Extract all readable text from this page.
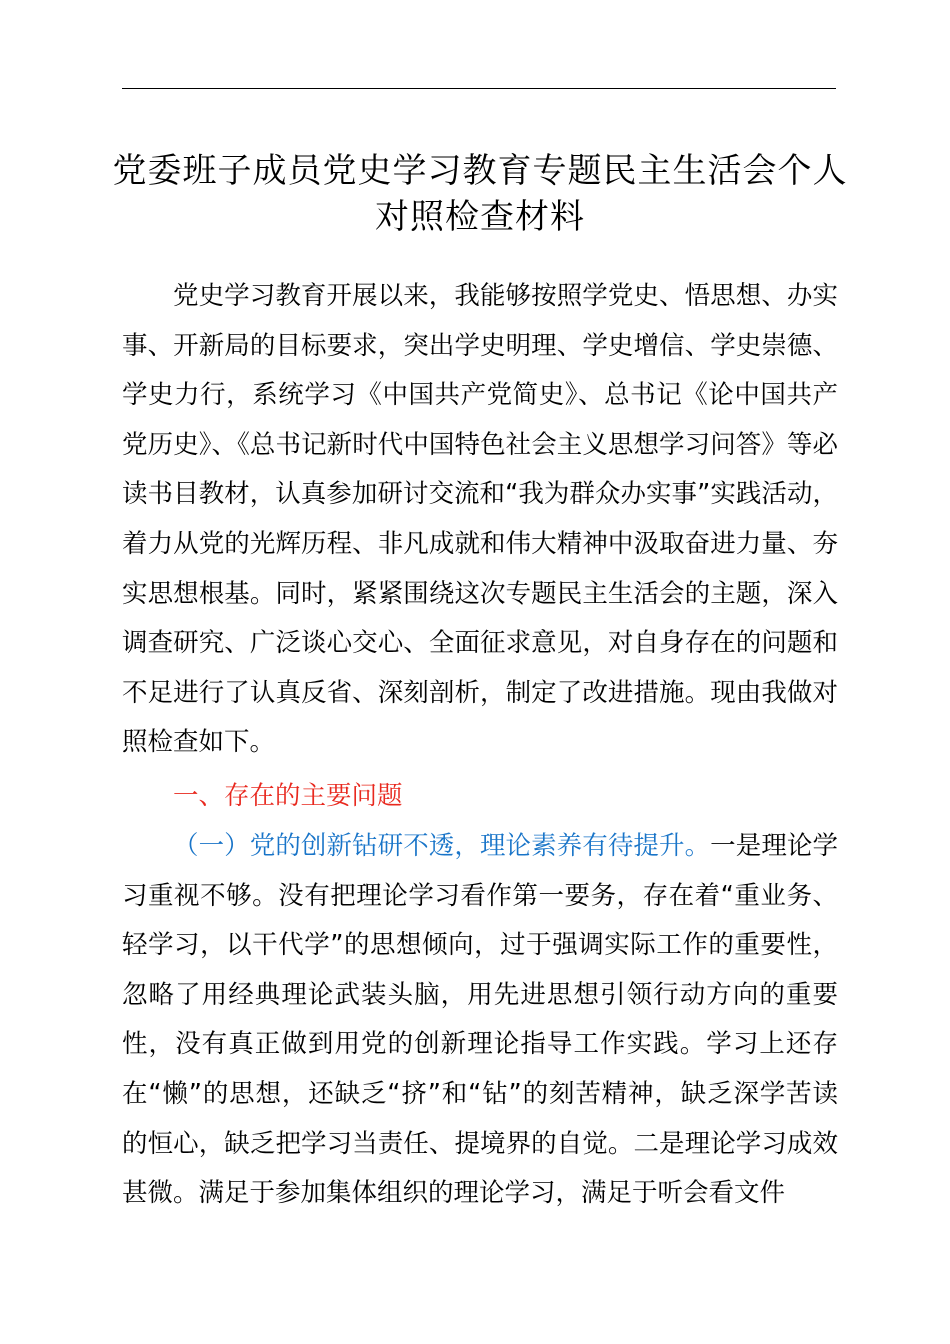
党委班子成员党史学习教育专题民主生活会个人对照检查材料

党史学习教育开展以来，我能够按照学党史、悟思想、办实事、开新局的目标要求，突出学史明理、学史增信、学史崇德、学史力行，系统学习《中国共产党简史》、总书记《论中国共产党历史》、《总书记新时代中国特色社会主义思想学习问答》等必读书目教材，认真参加研讨交流和“我为群众办实事”实践活动，着力从党的光辉历程、非凡成就和伟大精神中汲取奋进力量、夯实思想根基。同时，紧紧围绕这次专题民主生活会的主题，深入调查研究、广泛谈心交心、全面征求意见，对自身存在的问题和不足进行了认真反省、深刻剖析，制定了改进措施。现由我做对照检查如下。

一、存在的主要问题

（一）党的创新钻研不透，理论素养有待提升。一是理论学习重视不够。没有把理论学习看作第一要务，存在着“重业务、轻学习，以干代学”的思想倾向，过于强调实际工作的重要性，忽略了用经典理论武装头脑，用先进思想引领行动方向的重要性，没有真正做到用党的创新理论指导工作实践。学习上还存在“懒”的思想，还缺乏“挤”和“钻”的刻苦精神，缺乏深学苦读的恒心，缺乏把学习当责任、提境界的自觉。二是理论学习成效甚微。满足于参加集体组织的理论学习，满足于听会看文件
